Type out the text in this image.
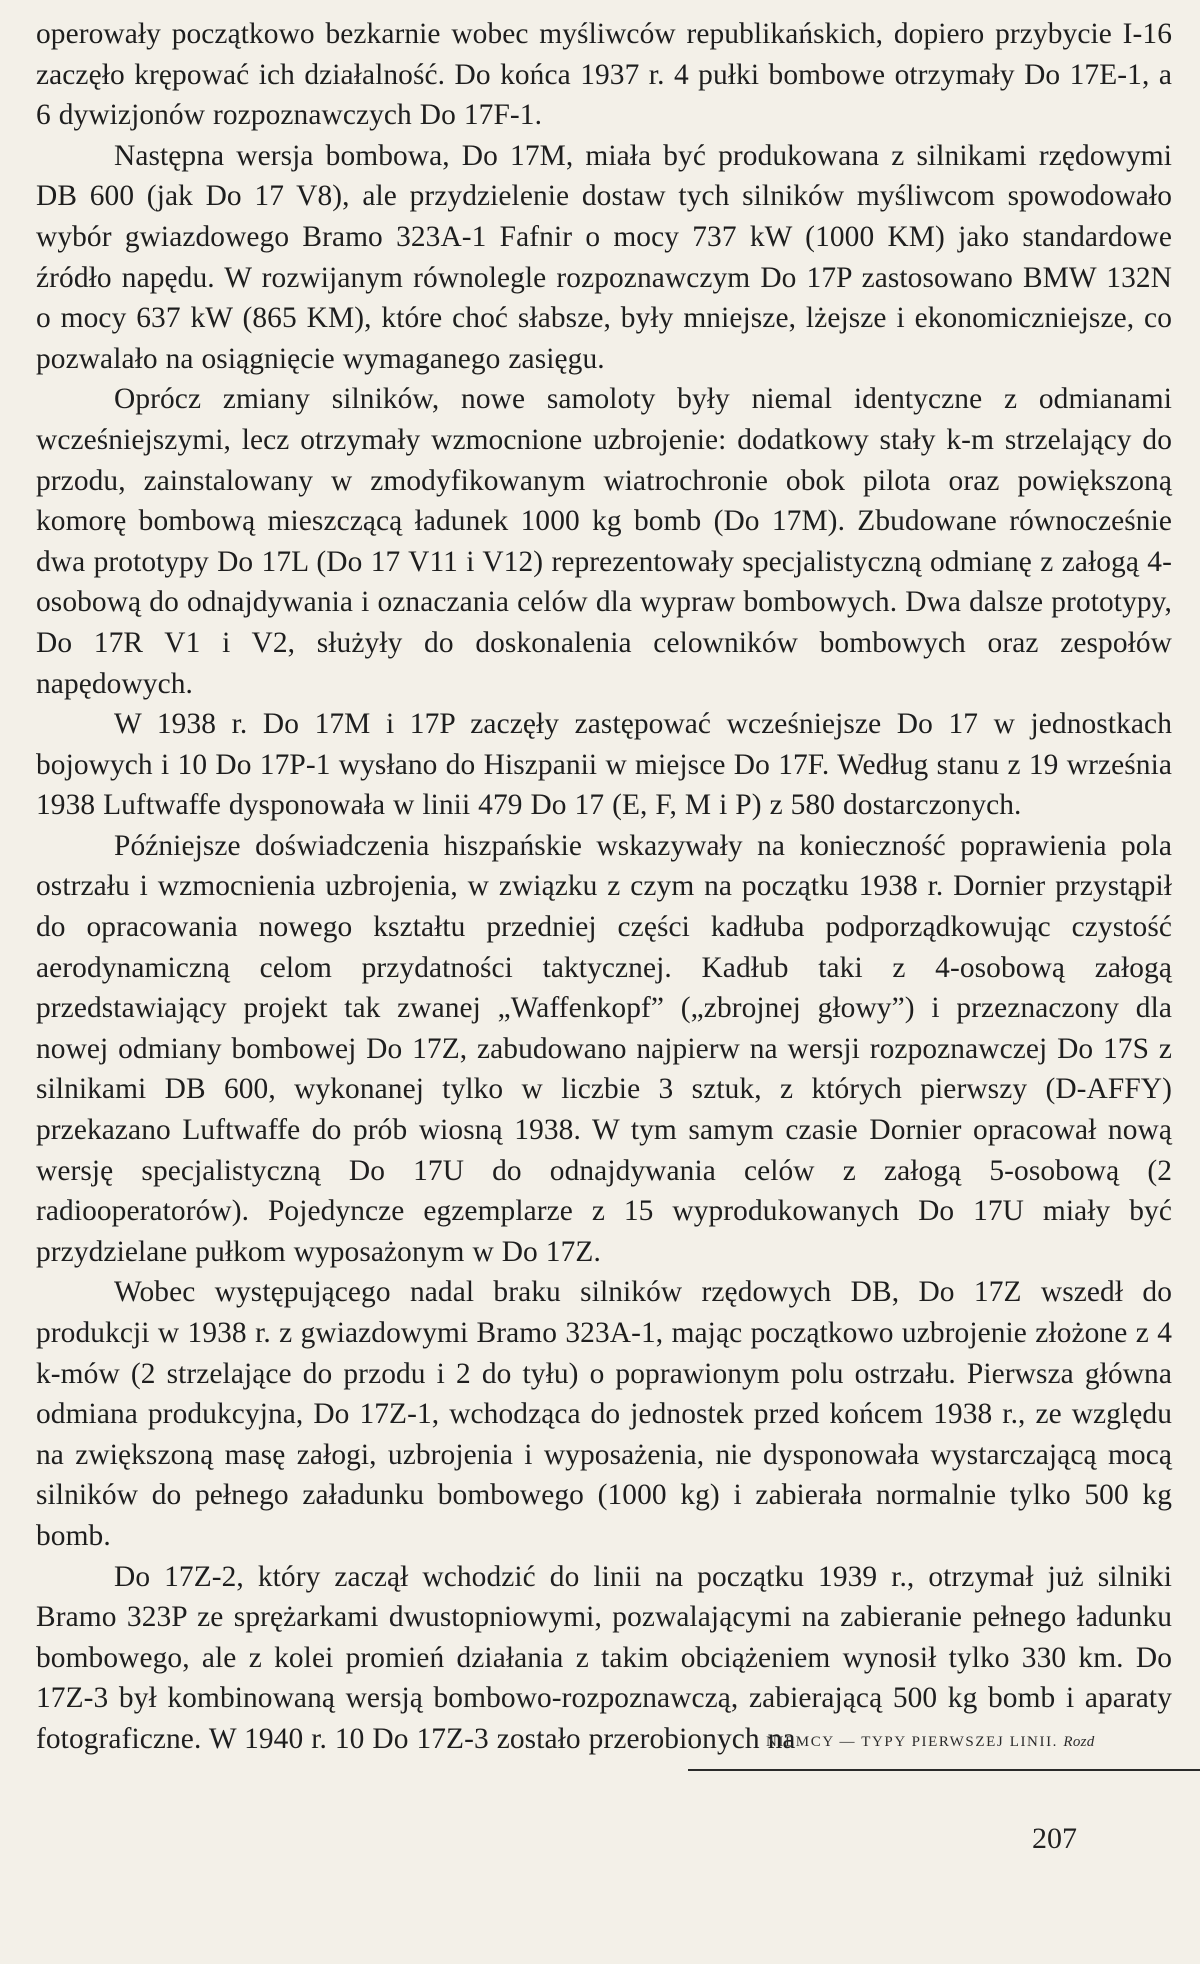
operowały początkowo bezkarnie wobec myśliwców republikańskich, dopiero przybycie I-16 zaczęło krępować ich działalność. Do końca 1937 r. 4 pułki bombowe otrzymały Do 17E-1, a 6 dywizjonów rozpoznawczych Do 17F-1.

Następna wersja bombowa, Do 17M, miała być produkowana z silnikami rzędowymi DB 600 (jak Do 17 V8), ale przydzielenie dostaw tych silników myśliwcom spowodowało wybór gwiazdowego Bramo 323A-1 Fafnir o mocy 737 kW (1000 KM) jako standardowe źródło napędu. W rozwijanym równolegle rozpoznawczym Do 17P zastosowano BMW 132N o mocy 637 kW (865 KM), które choć słabsze, były mniejsze, lżejsze i ekonomiczniejsze, co pozwalało na osiągnięcie wymaganego zasięgu.

Oprócz zmiany silników, nowe samoloty były niemal identyczne z odmianami wcześniejszymi, lecz otrzymały wzmocnione uzbrojenie: dodatkowy stały k-m strzelający do przodu, zainstalowany w zmodyfikowanym wiatrochronie obok pilota oraz powiększoną komorę bombową mieszczącą ładunek 1000 kg bomb (Do 17M). Zbudowane równocześnie dwa prototypy Do 17L (Do 17 V11 i V12) reprezentowały specjalistyczną odmianę z załogą 4-osobową do odnajdywania i oznaczania celów dla wypraw bombowych. Dwa dalsze prototypy, Do 17R V1 i V2, służyły do doskonalenia celowników bombowych oraz zespołów napędowych.

W 1938 r. Do 17M i 17P zaczęły zastępować wcześniejsze Do 17 w jednostkach bojowych i 10 Do 17P-1 wysłano do Hiszpanii w miejsce Do 17F. Według stanu z 19 września 1938 Luftwaffe dysponowała w linii 479 Do 17 (E, F, M i P) z 580 dostarczonych.

Późniejsze doświadczenia hiszpańskie wskazywały na konieczność poprawienia pola ostrzału i wzmocnienia uzbrojenia, w związku z czym na początku 1938 r. Dornier przystąpił do opracowania nowego kształtu przedniej części kadłuba podporządkowując czystość aerodynamiczną celom przydatności taktycznej. Kadłub taki z 4-osobową załogą przedstawiający projekt tak zwanej „Waffenkopf” („zbrojnej głowy”) i przeznaczony dla nowej odmiany bombowej Do 17Z, zabudowano najpierw na wersji rozpoznawczej Do 17S z silnikami DB 600, wykonanej tylko w liczbie 3 sztuk, z których pierwszy (D-AFFY) przekazano Luftwaffe do prób wiosną 1938. W tym samym czasie Dornier opracował nową wersję specjalistyczną Do 17U do odnajdywania celów z załogą 5-osobową (2 radiooperatorów). Pojedyncze egzemplarze z 15 wyprodukowanych Do 17U miały być przydzielane pułkom wyposażonym w Do 17Z.

Wobec występującego nadal braku silników rzędowych DB, Do 17Z wszedł do produkcji w 1938 r. z gwiazdowymi Bramo 323A-1, mając początkowo uzbrojenie złożone z 4 k-mów (2 strzelające do przodu i 2 do tyłu) o poprawionym polu ostrzału. Pierwsza główna odmiana produkcyjna, Do 17Z-1, wchodząca do jednostek przed końcem 1938 r., ze względu na zwiększoną masę załogi, uzbrojenia i wyposażenia, nie dysponowała wystarczającą mocą silników do pełnego załadunku bombowego (1000 kg) i zabierała normalnie tylko 500 kg bomb.

Do 17Z-2, który zaczął wchodzić do linii na początku 1939 r., otrzymał już silniki Bramo 323P ze sprężarkami dwustopniowymi, pozwalającymi na zabieranie pełnego ładunku bombowego, ale z kolei promień działania z takim obciążeniem wynosił tylko 330 km. Do 17Z-3 był kombinowaną wersją bombowo-rozpoznawczą, zabierającą 500 kg bomb i aparaty fotograficzne. W 1940 r. 10 Do 17Z-3 zostało przerobionych na

NIEMCY — TYPY PIERWSZEJ LINII. Rozd
207
